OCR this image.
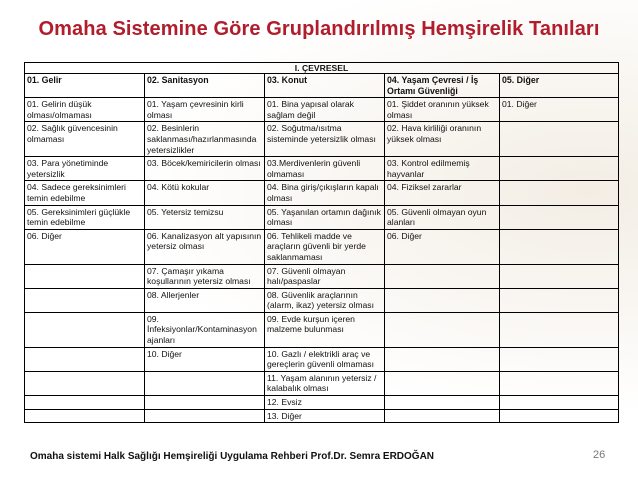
Omaha Sistemine Göre Gruplandırılmış Hemşirelik Tanıları
I. ÇEVRESEL				
01. Gelir	02. Sanitasyon	03. Konut	04. Yaşam Çevresi / İş Ortamı Güvenliği	05. Diğer
01. Gelirin düşük olması/olmaması	01. Yaşam çevresinin kirli olması	01. Bina yapısal olarak sağlam değil	01. Şiddet oranının yüksek olması	01. Diğer
02. Sağlık güvencesinin olmaması	02. Besinlerin saklanması/hazırlanmasında yetersizlikler	02. Soğutma/ısıtma sisteminde yetersizlik olması	02. Hava kirliliği oranının yüksek olması	
03. Para yönetiminde yetersizlik	03. Böcek/kemiricilerin olması	03.Merdivenlerin güvenli olmaması	03. Kontrol edilmemiş hayvanlar	
04. Sadece gereksinimleri temin edebilme	04. Kötü kokular	04. Bina giriş/çıkışların kapalı olması	04. Fiziksel zararlar	
05. Gereksinimleri güçlükle temin edebilme	05. Yetersiz temizsu	05. Yaşanılan ortamın dağınık olması	05. Güvenli olmayan oyun alanları	
06. Diğer	06. Kanalizasyon alt yapısının yetersiz olması	06. Tehlikeli madde ve araçların güvenli bir yerde saklanmaması	06. Diğer	
	07. Çamaşır yıkama koşullarının yetersiz olması	07. Güvenli olmayan halı/paspaslar		
	08. Allerjenler	08. Güvenlik araçlarının (alarm, ikaz) yetersiz olması		
	09. İnfeksiyonlar/Kontaminasyon ajanları	09. Evde kurşun içeren malzeme bulunması		
	10. Diğer	10. Gazlı / elektrikli araç ve gereçlerin güvenli olmaması		
		11. Yaşam alanının yetersiz / kalabalık olması		
		12. Evsiz		
		13. Diğer		
Omaha sistemi Halk Sağlığı Hemşireliği Uygulama Rehberi Prof.Dr. Semra ERDOĞAN	26
